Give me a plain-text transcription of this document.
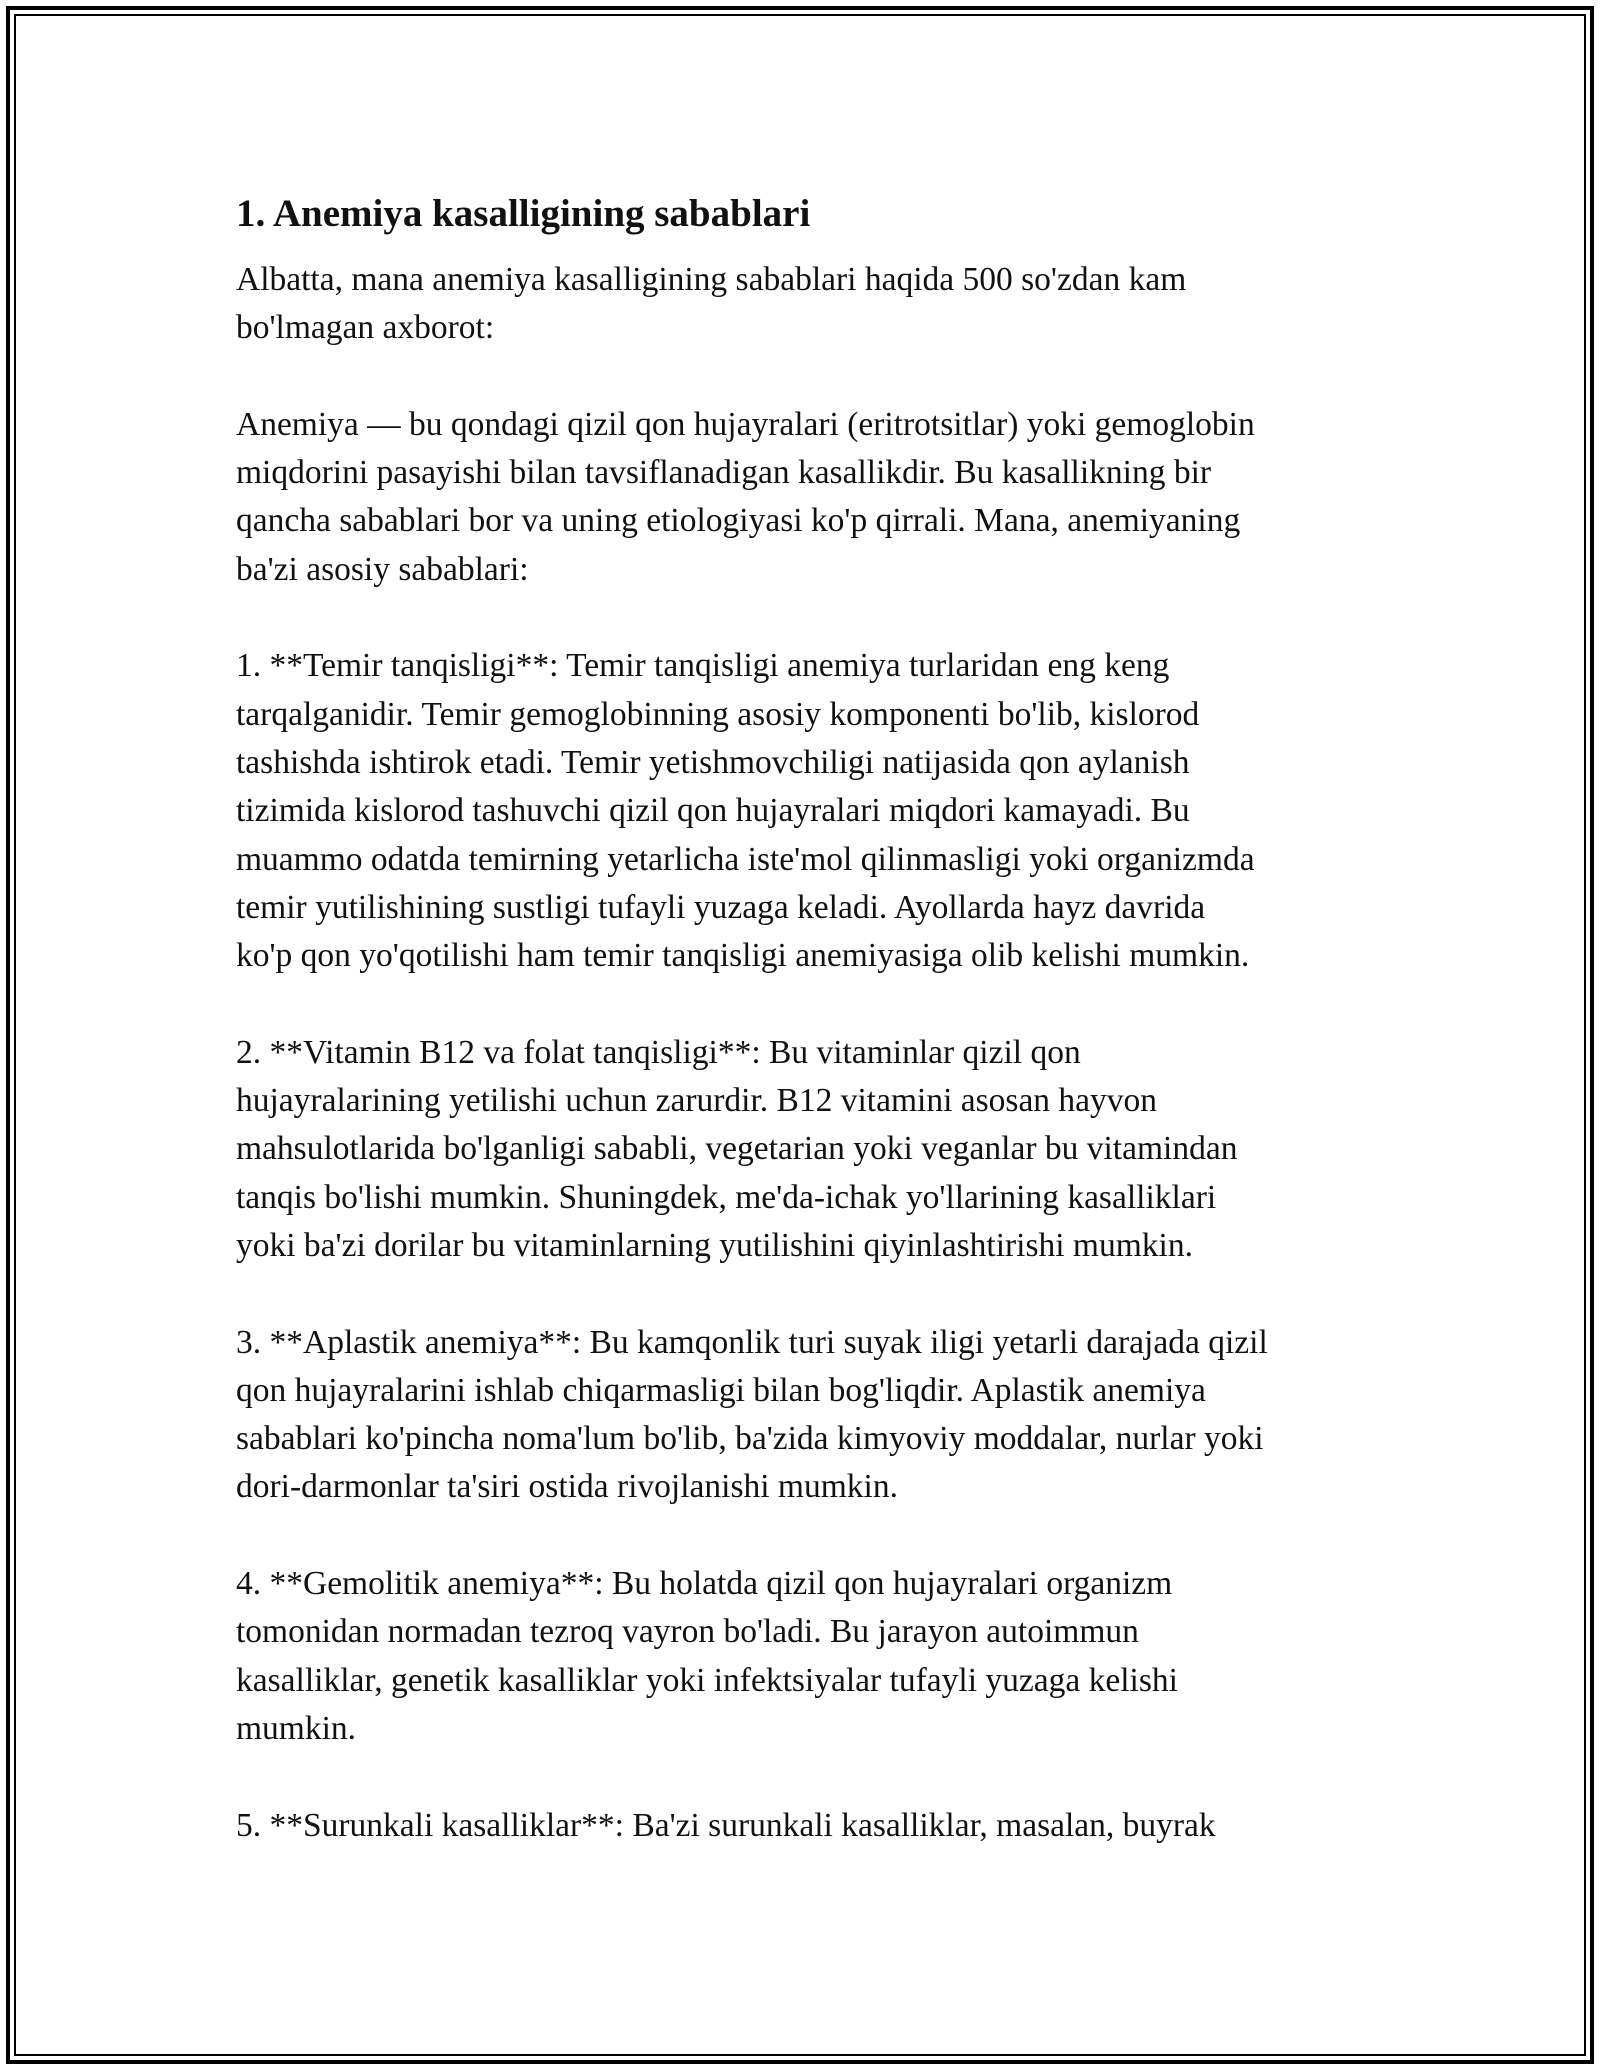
1. Anemiya kasalligining sabablari
Albatta, mana anemiya kasalligining sabablari haqida 500 so'zdan kam
bo'lmagan axborot:
Anemiya — bu qondagi qizil qon hujayralari (eritrotsitlar) yoki gemoglobin
miqdorini pasayishi bilan tavsiflanadigan kasallikdir. Bu kasallikning bir
qancha sabablari bor va uning etiologiyasi ko'p qirrali. Mana, anemiyaning
ba'zi asosiy sabablari:
1. **Temir tanqisligi**: Temir tanqisligi anemiya turlaridan eng keng
tarqalganidir. Temir gemoglobinning asosiy komponenti bo'lib, kislorod
tashishda ishtirok etadi. Temir yetishmovchiligi natijasida qon aylanish
tizimida kislorod tashuvchi qizil qon hujayralari miqdori kamayadi. Bu
muammo odatda temirning yetarlicha iste'mol qilinmasligi yoki organizmda
temir yutilishining sustligi tufayli yuzaga keladi. Ayollarda hayz davrida
ko'p qon yo'qotilishi ham temir tanqisligi anemiyasiga olib kelishi mumkin.
2. **Vitamin B12 va folat tanqisligi**: Bu vitaminlar qizil qon
hujayralarining yetilishi uchun zarurdir. B12 vitamini asosan hayvon
mahsulotlarida bo'lganligi sababli, vegetarian yoki veganlar bu vitamindan
tanqis bo'lishi mumkin. Shuningdek, me'da-ichak yo'llarining kasalliklari
yoki ba'zi dorilar bu vitaminlarning yutilishini qiyinlashtirishi mumkin.
3. **Aplastik anemiya**: Bu kamqonlik turi suyak iligi yetarli darajada qizil
qon hujayralarini ishlab chiqarmasligi bilan bog'liqdir. Aplastik anemiya
sabablari ko'pincha noma'lum bo'lib, ba'zida kimyoviy moddalar, nurlar yoki
dori-darmonlar ta'siri ostida rivojlanishi mumkin.
4. **Gemolitik anemiya**: Bu holatda qizil qon hujayralari organizm
tomonidan normadan tezroq vayron bo'ladi. Bu jarayon autoimmun
kasalliklar, genetik kasalliklar yoki infektsiyalar tufayli yuzaga kelishi
mumkin.
5. **Surunkali kasalliklar**: Ba'zi surunkali kasalliklar, masalan, buyrak
